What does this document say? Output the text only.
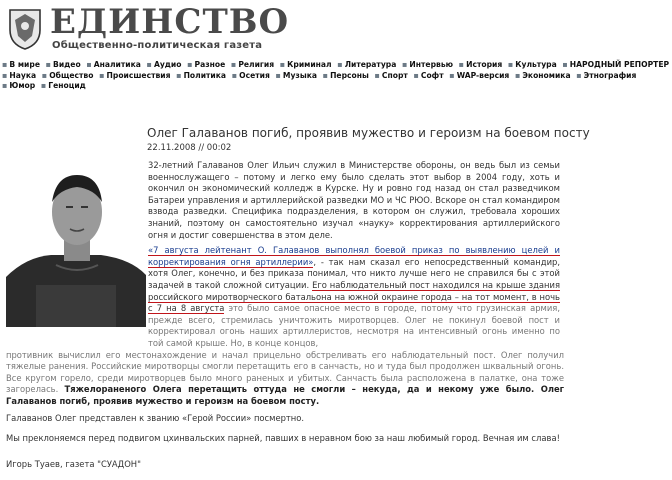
ЕДИНСТВО
Общественно-политическая газета
▪ В мире ▪ Видео ▪ Аналитика ▪ Аудио ▪ Разное ▪ Религия ▪ Криминал ▪ Литература ▪ Интервью ▪ История ▪ Культура ▪ НАРОДНЫЙ РЕПОРТЕР
▪ Наука ▪ Общество ▪ Происшествия ▪ Политика ▪ Осетия ▪ Музыка ▪ Персоны ▪ Спорт ▪ Софт ▪ WAP-версия ▪ Экономика ▪ Этнография
▪ Юмор ▪ Геноцид
Олег Галаванов погиб, проявив мужество и героизм на боевом посту
22.11.2008 // 00:02

32-летний Галаванов Олег Ильич служил в Министерстве обороны, он ведь был из семьи военнослужащего – потому и легко ему было сделать этот выбор в 2004 году, хоть и окончил он экономический колледж в Курске. Ну и ровно год назад он стал разведчиком Батареи управления и артиллерийской разведки МО и ЧС РЮО. Вскоре он стал командиром взвода разведки. Специфика подразделения, в котором он служил, требовала хороших знаний, поэтому он самостоятельно изучал «науку» корректирования артиллерийского огня и достиг совершенства в этом деле.

«7 августа лейтенант О. Галаванов выполнял боевой приказ по выявлению целей и корректирования огня артиллерии», - так нам сказал его непосредственный командир, хотя Олег, конечно, и без приказа понимал, что никто лучше него не справился бы с этой задачей в такой сложной ситуации. Его наблюдательный пост находился на крыше здания российского миротворческого батальона на южной окраине города – на тот момент, в ночь с 7 на 8 августа это было самое опасное место в городе, потому что грузинская армия, прежде всего, стремилась уничтожить миротворцев. Олег не покинул боевой пост и корректировал огонь наших артиллеристов, несмотря на интенсивный огонь именно по той самой крыше. Но, в конце концов,

противник вычислил его местонахождение и начал прицельно обстреливать его наблюдательный пост. Олег получил тяжелые ранения. Российские миротворцы смогли перетащить его в санчасть, но и туда был продолжен шквальный огонь. Все кругом горело, среди миротворцев было много раненых и убитых. Санчасть была расположена в палатке, она тоже загорелась. Тяжелораненого Олега перетащить оттуда не смогли – некуда, да и некому уже было. Олег Галаванов погиб, проявив мужество и героизм на боевом посту.

Галаванов Олег представлен к званию «Герой России» посмертно.

Мы преклоняемся перед подвигом цхинвальских парней, павших в неравном бою за наш любимый город. Вечная им слава!

Игорь Туаев, газета "СУАДОН"
